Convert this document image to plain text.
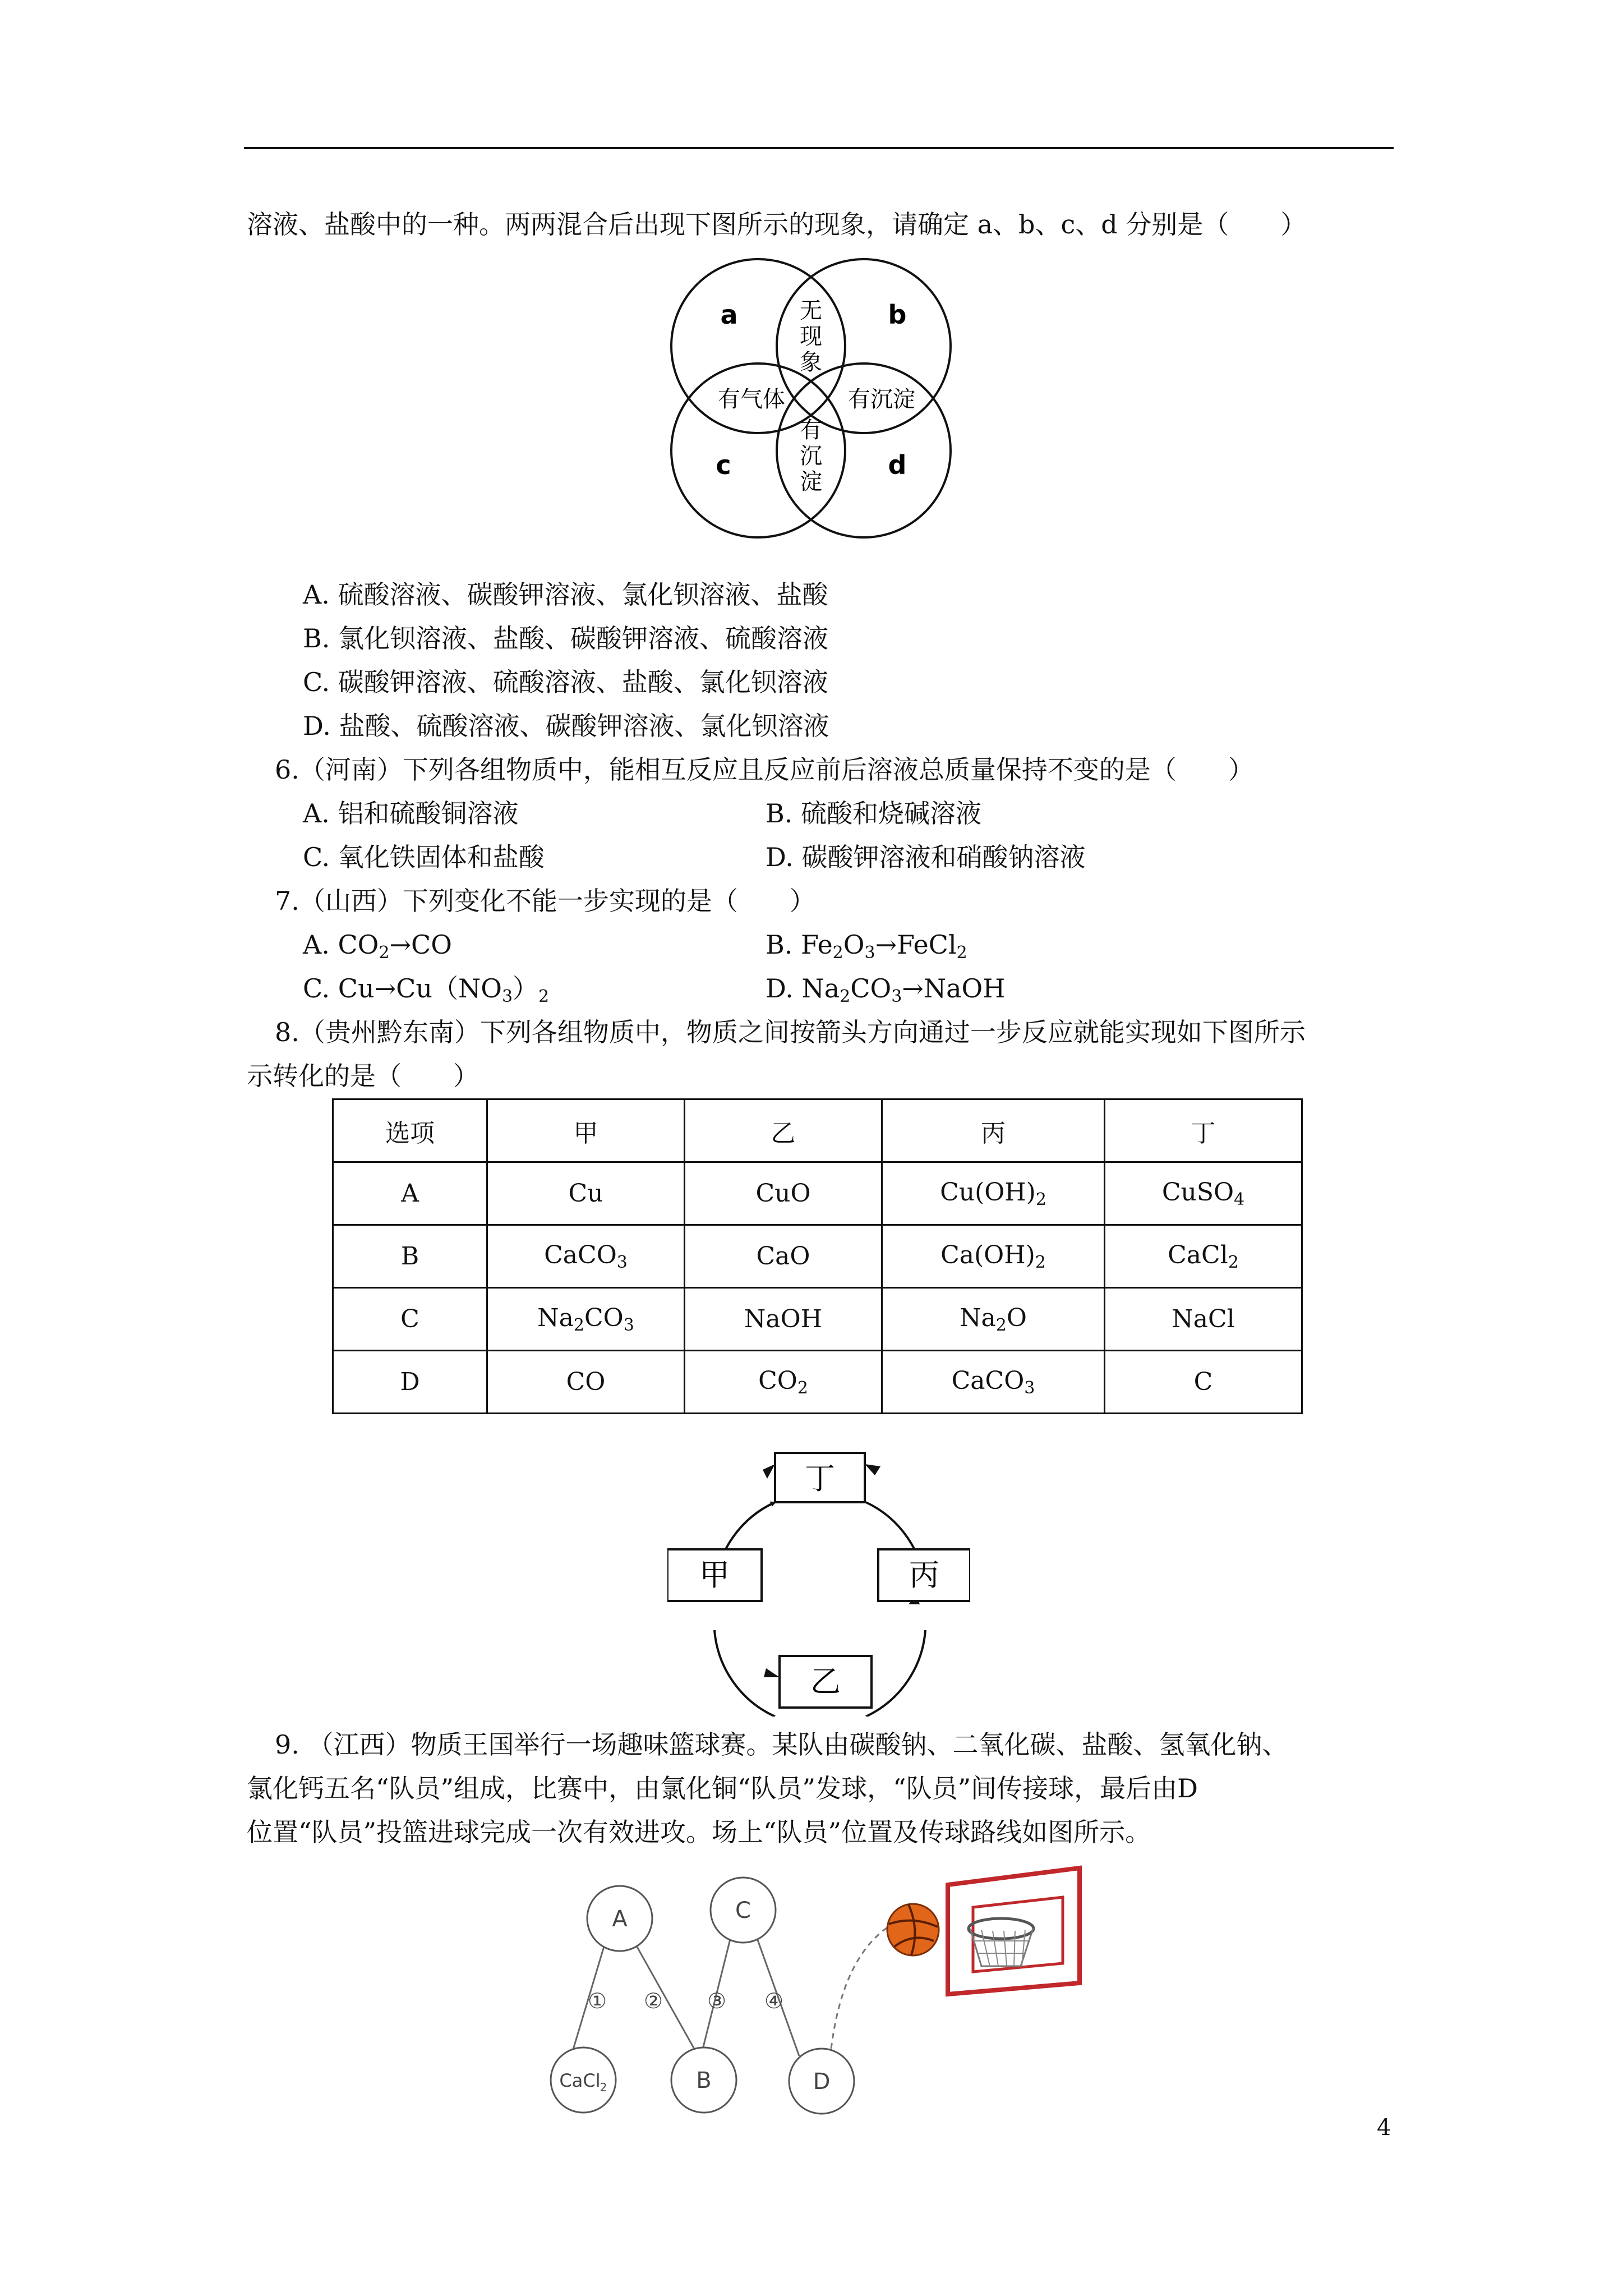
溶液、盐酸中的一种。两两混合后出现下图所示的现象，请确定 a、b、c、d 分别是（　　）
a	b
c	d
无
现
象
有气体	有沉淀
有
沉
淀
A. 硫酸溶液、碳酸钾溶液、氯化钡溶液、盐酸
B. 氯化钡溶液、盐酸、碳酸钾溶液、硫酸溶液
C. 碳酸钾溶液、硫酸溶液、盐酸、氯化钡溶液
D. 盐酸、硫酸溶液、碳酸钾溶液、氯化钡溶液
6.（河南）下列各组物质中，能相互反应且反应前后溶液总质量保持不变的是（　　）
A. 铝和硫酸铜溶液	B. 硫酸和烧碱溶液
C. 氧化铁固体和盐酸	D. 碳酸钾溶液和硝酸钠溶液
7.（山西）下列变化不能一步实现的是（　　）
A. $CO_2\to CO$	B. $Fe_2O_3\to FeCl_2$
C. $Cu\to Cu(NO_3)_2$	D. $Na_2CO_3\to NaOH$
8.（贵州黔东南）下列各组物质中，物质之间按箭头方向通过一步反应就能实现如下图所示
示转化的是（　　）
选项	甲	乙	丙	丁
A	Cu	CuO	$Cu(OH)_2$	CuSO$_4$
B	CaCO$_3$	CaO	$Ca(OH)_2$	CaCl$_2$
C	$Na_2CO_3$	NaOH	$Na_2O$	NaCl
D	CO	$CO_2$	CaCO$_3$	C
丁
甲	丙
乙
9. （江西）物质王国举行一场趣味篮球赛。某队由碳酸钠、二氧化碳、盐酸、氢氧化钠、
氯化钙五名“队员”组成，比赛中，由氯化铜“队员”发球，“队员”间传接球，最后由D
位置“队员”投篮进球完成一次有效进攻。场上“队员”位置及传球路线如图所示。
A	C
CaCl 2	B	D
① ② ③ ④
4
